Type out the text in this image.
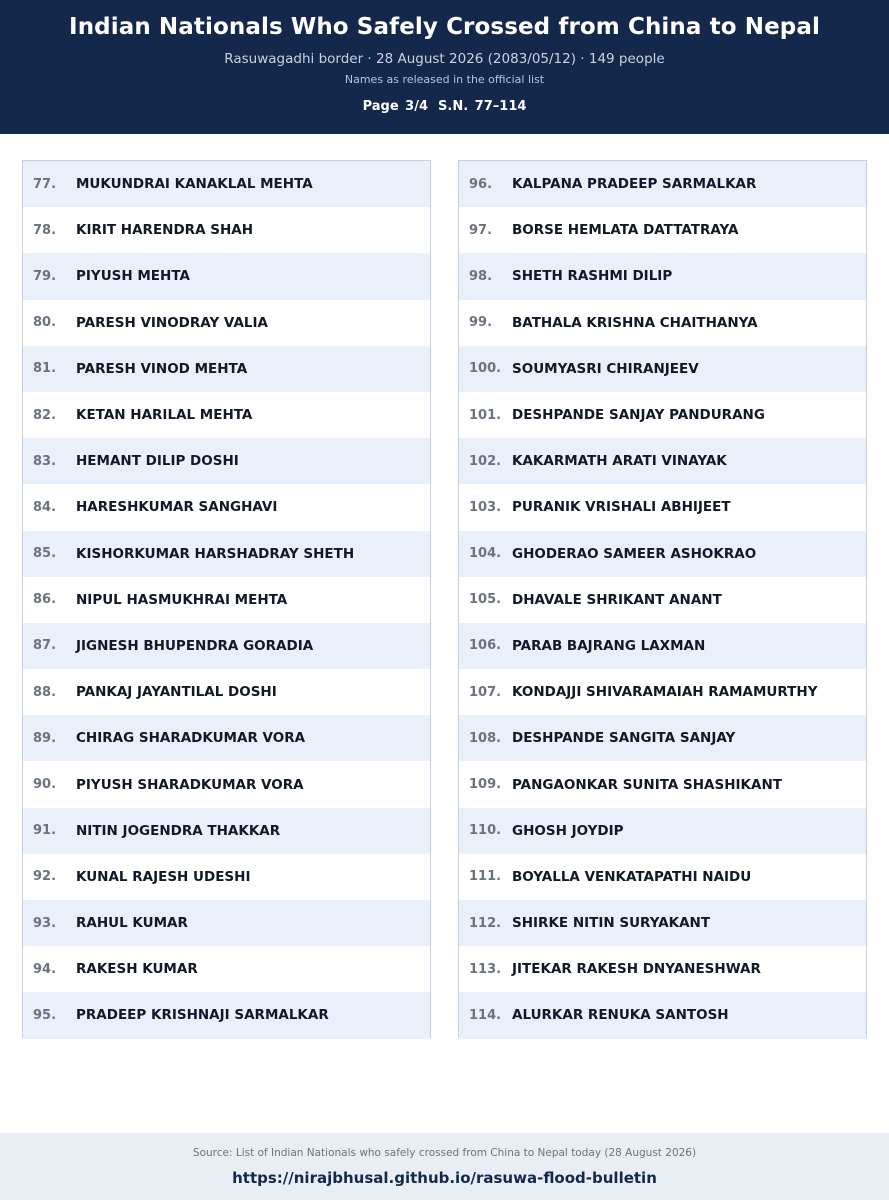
Indian Nationals Who Safely Crossed from China to Nepal
Rasuwagadhi border · 28 August 2026 (2083/05/12) · 149 people
Names as released in the official list
Page 3/4 S.N. 77–114
77.	MUKUNDRAI KANAKLAL MEHTA
78.	KIRIT HARENDRA SHAH
79.	PIYUSH MEHTA
80.	PARESH VINODRAY VALIA
81.	PARESH VINOD MEHTA
82.	KETAN HARILAL MEHTA
83.	HEMANT DILIP DOSHI
84.	HARESHKUMAR SANGHAVI
85.	KISHORKUMAR HARSHADRAY SHETH
86.	NIPUL HASMUKHRAI MEHTA
87.	JIGNESH BHUPENDRA GORADIA
88.	PANKAJ JAYANTILAL DOSHI
89.	CHIRAG SHARADKUMAR VORA
90.	PIYUSH SHARADKUMAR VORA
91.	NITIN JOGENDRA THAKKAR
92.	KUNAL RAJESH UDESHI
93.	RAHUL KUMAR
94.	RAKESH KUMAR
95.	PRADEEP KRISHNAJI SARMALKAR
96.	KALPANA PRADEEP SARMALKAR
97.	BORSE HEMLATA DATTATRAYA
98.	SHETH RASHMI DILIP
99.	BATHALA KRISHNA CHAITHANYA
100. SOUMYASRI CHIRANJEEV
101. DESHPANDE SANJAY PANDURANG
102. KAKARMATH ARATI VINAYAK
103. PURANIK VRISHALI ABHIJEET
104. GHODERAO SAMEER ASHOKRAO
105. DHAVALE SHRIKANT ANANT
106. PARAB BAJRANG LAXMAN
107. KONDAJJI SHIVARAMAIAH RAMAMURTHY
108. DESHPANDE SANGITA SANJAY
109. PANGAONKAR SUNITA SHASHIKANT
110. GHOSH JOYDIP
111. BOYALLA VENKATAPATHI NAIDU
112. SHIRKE NITIN SURYAKANT
113. JITEKAR RAKESH DNYANESHWAR
114. ALURKAR RENUKA SANTOSH
Source: List of Indian Nationals who safely crossed from China to Nepal today (28 August 2026)
https://nirajbhusal.github.io/rasuwa-flood-bulletin
